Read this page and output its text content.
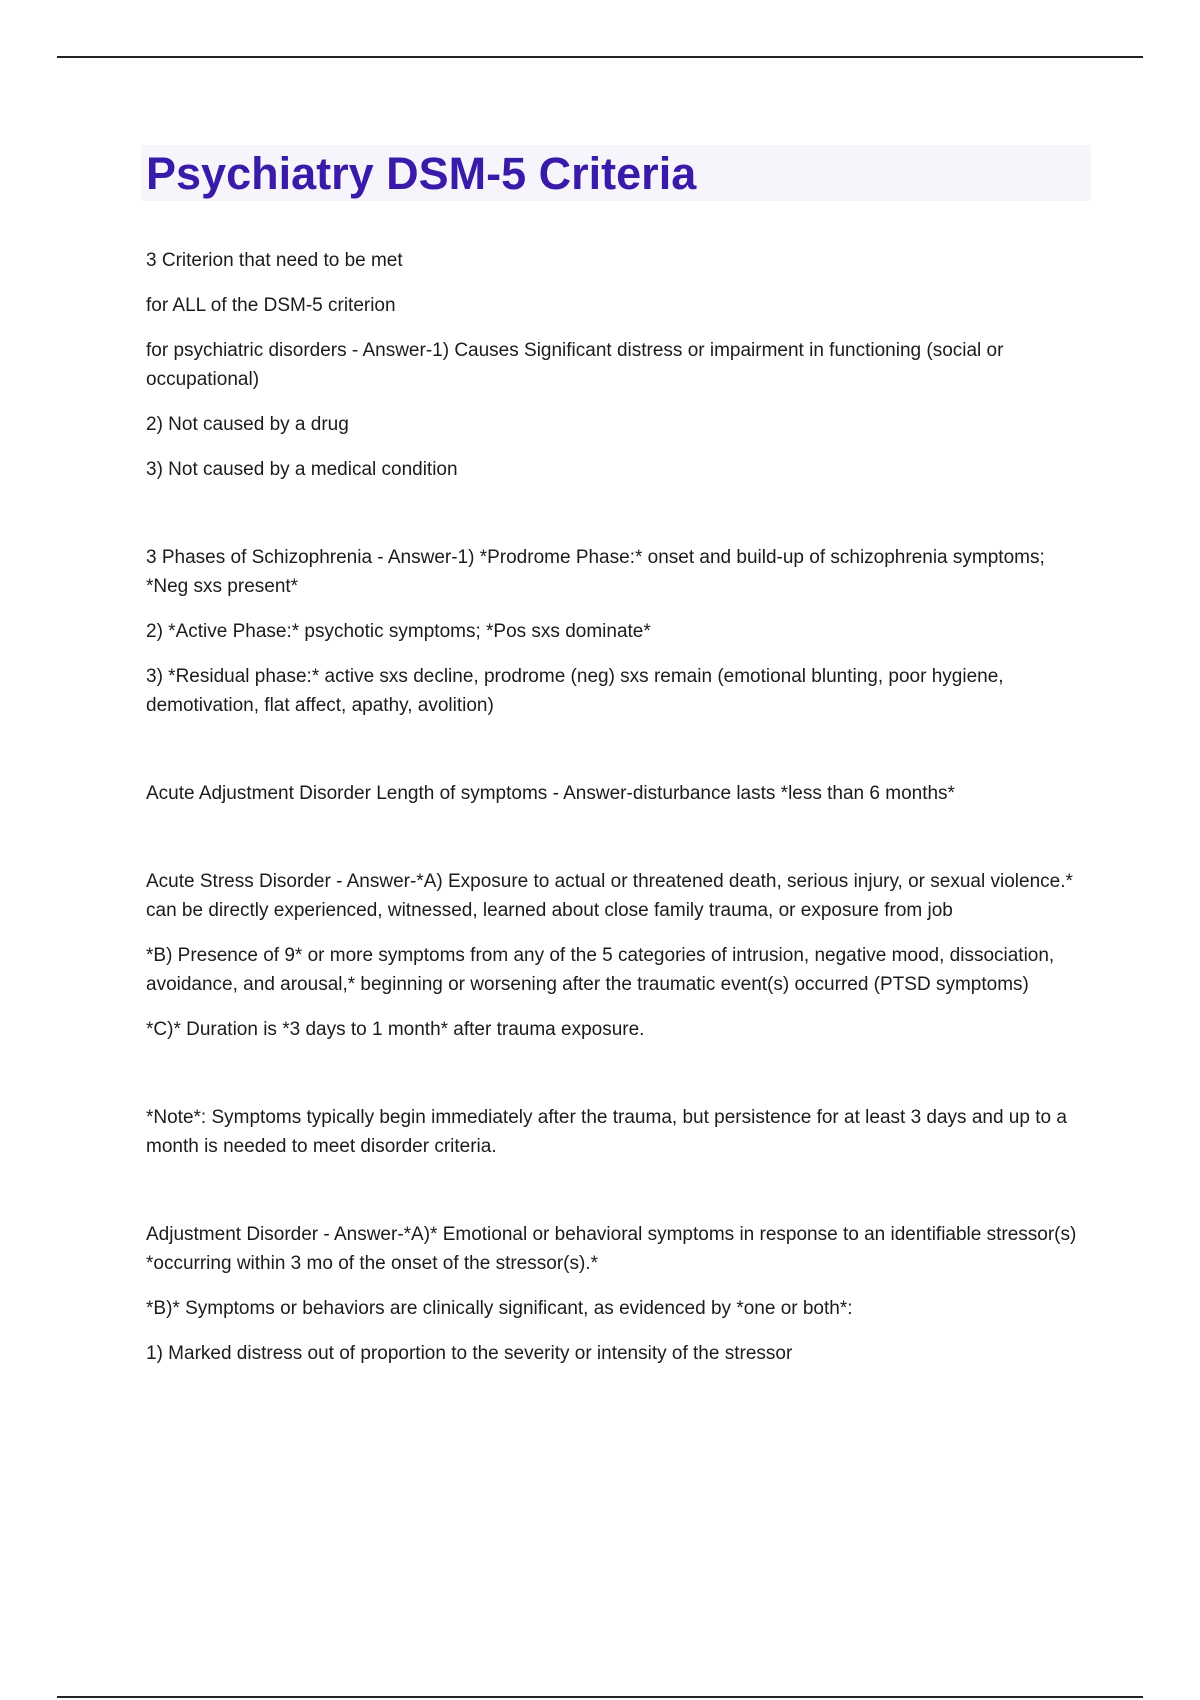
Psychiatry DSM-5 Criteria

3 Criterion that need to be met

for ALL of the DSM-5 criterion

for psychiatric disorders - Answer-1) Causes Significant distress or impairment in functioning (social or occupational)

2) Not caused by a drug

3) Not caused by a medical condition

3 Phases of Schizophrenia - Answer-1) *Prodrome Phase:* onset and build-up of schizophrenia symptoms; *Neg sxs present*

2) *Active Phase:* psychotic symptoms; *Pos sxs dominate*

3) *Residual phase:* active sxs decline, prodrome (neg) sxs remain (emotional blunting, poor hygiene, demotivation, flat affect, apathy, avolition)

Acute Adjustment Disorder Length of symptoms - Answer-disturbance lasts *less than 6 months*

Acute Stress Disorder - Answer-*A) Exposure to actual or threatened death, serious injury, or sexual violence.* can be directly experienced, witnessed, learned about close family trauma, or exposure from job

*B) Presence of 9* or more symptoms from any of the 5 categories of intrusion, negative mood, dissociation, avoidance, and arousal,* beginning or worsening after the traumatic event(s) occurred (PTSD symptoms)

*C)* Duration is *3 days to 1 month* after trauma exposure.

*Note*: Symptoms typically begin immediately after the trauma, but persistence for at least 3 days and up to a month is needed to meet disorder criteria.

Adjustment Disorder - Answer-*A)* Emotional or behavioral symptoms in response to an identifiable stressor(s) *occurring within 3 mo of the onset of the stressor(s).*

*B)* Symptoms or behaviors are clinically significant, as evidenced by *one or both*:

1) Marked distress out of proportion to the severity or intensity of the stressor
